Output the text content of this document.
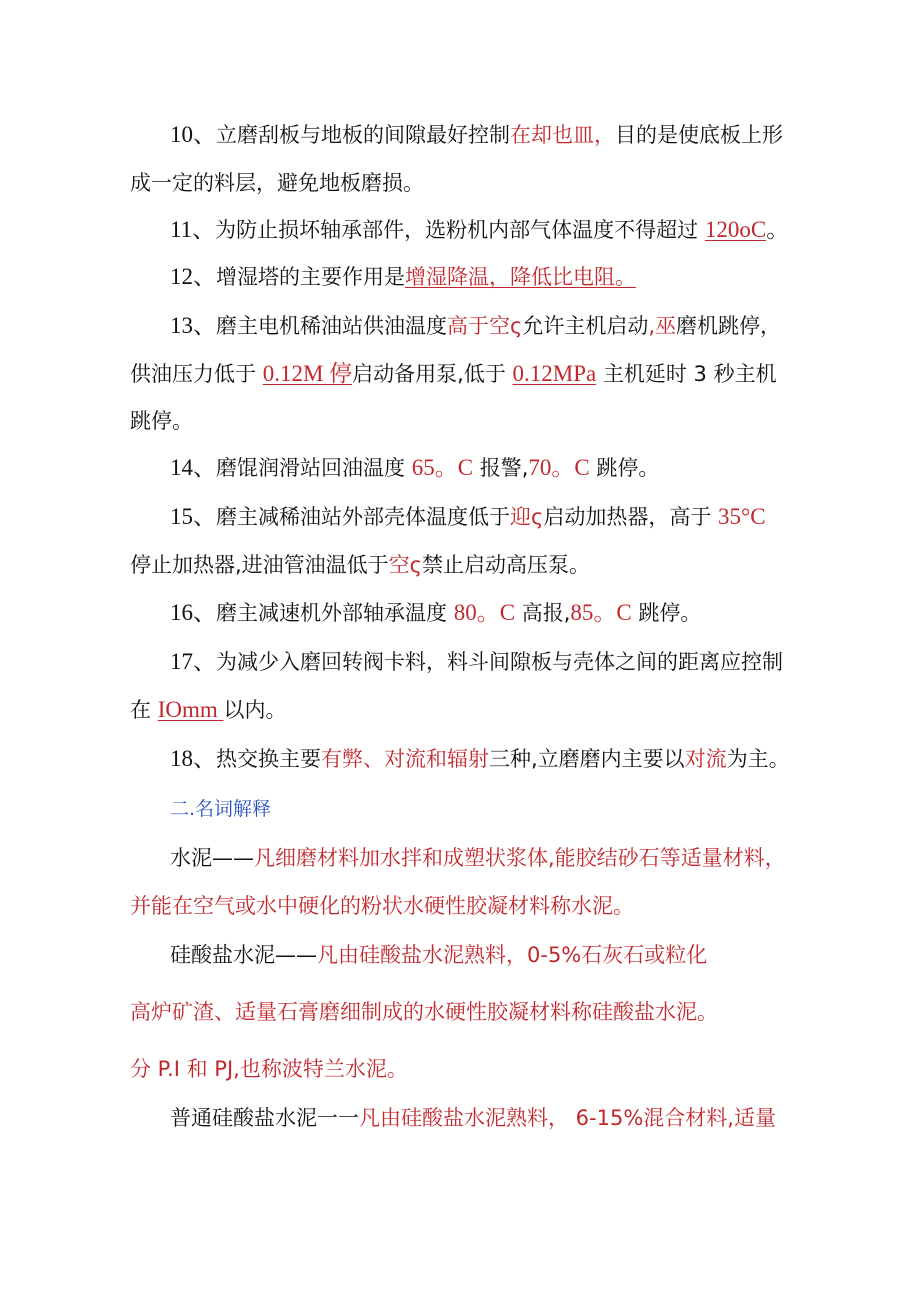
10、立磨刮板与地板的间隙最好控制在却也皿，目的是使底板上形
成一定的料层，避免地板磨损。
11、为防止损坏轴承部件，选粉机内部气体温度不得超过 120oC。
12、增湿塔的主要作用是增湿降温，降低比电阻。
13、磨主电机稀油站供油温度高于空ς允许主机启动,巫磨机跳停，
供油压力低于 0.12M 停启动备用泵,低于 0.12MPa 主机延时 3 秒主机
跳停。
14、磨馄润滑站回油温度 65。C 报警,70。C 跳停。
15、磨主减稀油站外部壳体温度低于迎ς启动加热器，高于 35°C
停止加热器,进油管油温低于空ς禁止启动高压泵。
16、磨主减速机外部轴承温度 80。C 高报,85。C 跳停。
17、为减少入磨回转阀卡料，料斗间隙板与壳体之间的距离应控制
在 IOmm 以内。
18、热交换主要有弊、对流和辐射三种,立磨磨内主要以对流为主。
二.名词解释
水泥——凡细磨材料加水拌和成塑状浆体,能胶结砂石等适量材料，
并能在空气或水中硬化的粉状水硬性胶凝材料称水泥。
硅酸盐水泥——凡由硅酸盐水泥熟料，0-5%石灰石或粒化
高炉矿渣、适量石膏磨细制成的水硬性胶凝材料称硅酸盐水泥。
分 P.I 和 PJ,也称波特兰水泥。
普通硅酸盐水泥一一凡由硅酸盐水泥熟料， 6-15%混合材料,适量
